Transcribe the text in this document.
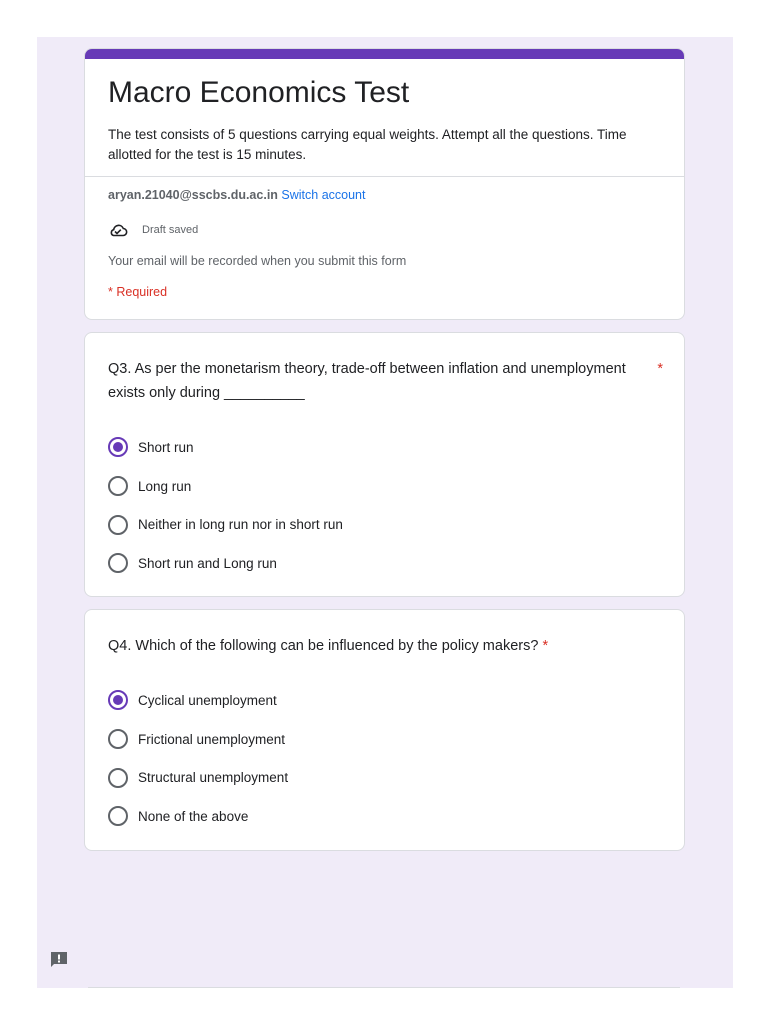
Macro Economics Test
The test consists of 5 questions carrying equal weights. Attempt all the questions. Time allotted for the test is 15 minutes.
aryan.21040@sscbs.du.ac.in Switch account
Draft saved
Your email will be recorded when you submit this form
* Required
Q3. As per the monetarism theory, trade-off between inflation and unemployment exists only during __________
*
Short run
Long run
Neither in long run nor in short run
Short run and Long run
Q4. Which of the following can be influenced by the policy makers? *
Cyclical unemployment
Frictional unemployment
Structural unemployment
None of the above
